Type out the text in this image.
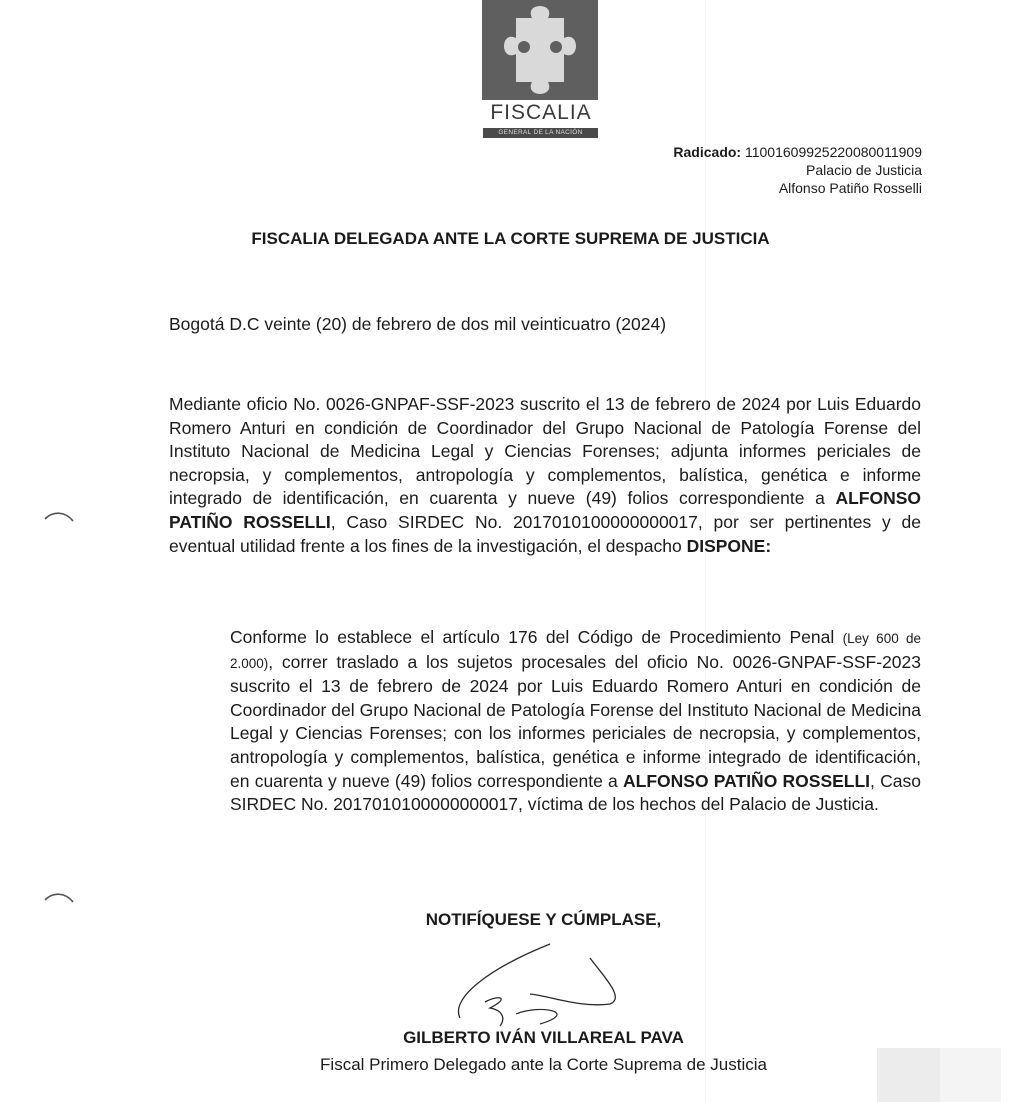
FISCALIA
GENERAL DE LA NACIÓN
Radicado: 11001609925220080011909
Palacio de Justicia
Alfonso Patiño Rosselli
FISCALIA DELEGADA ANTE LA CORTE SUPREMA DE JUSTICIA
Bogotá D.C veinte (20) de febrero de dos mil veinticuatro (2024)
Mediante oficio No. 0026-GNPAF-SSF-2023 suscrito el 13 de febrero de 2024 por Luis Eduardo Romero Anturi en condición de Coordinador del Grupo Nacional de Patología Forense del Instituto Nacional de Medicina Legal y Ciencias Forenses; adjunta informes periciales de necropsia, y complementos, antropología y complementos, balística, genética e informe integrado de identificación, en cuarenta y nueve (49) folios correspondiente a ALFONSO PATIÑO ROSSELLI, Caso SIRDEC No. 2017010100000000017, por ser pertinentes y de eventual utilidad frente a los fines de la investigación, el despacho DISPONE:
Conforme lo establece el artículo 176 del Código de Procedimiento Penal (Ley 600 de 2.000), correr traslado a los sujetos procesales del oficio No. 0026-GNPAF-SSF-2023 suscrito el 13 de febrero de 2024 por Luis Eduardo Romero Anturi en condición de Coordinador del Grupo Nacional de Patología Forense del Instituto Nacional de Medicina Legal y Ciencias Forenses; con los informes periciales de necropsia, y complementos, antropología y complementos, balística, genética e informe integrado de identificación, en cuarenta y nueve (49) folios correspondiente a ALFONSO PATIÑO ROSSELLI, Caso SIRDEC No. 2017010100000000017, víctima de los hechos del Palacio de Justicia.
NOTIFÍQUESE Y CÚMPLASE,
GILBERTO IVÁN VILLAREAL PAVA
Fiscal Primero Delegado ante la Corte Suprema de Justicia
